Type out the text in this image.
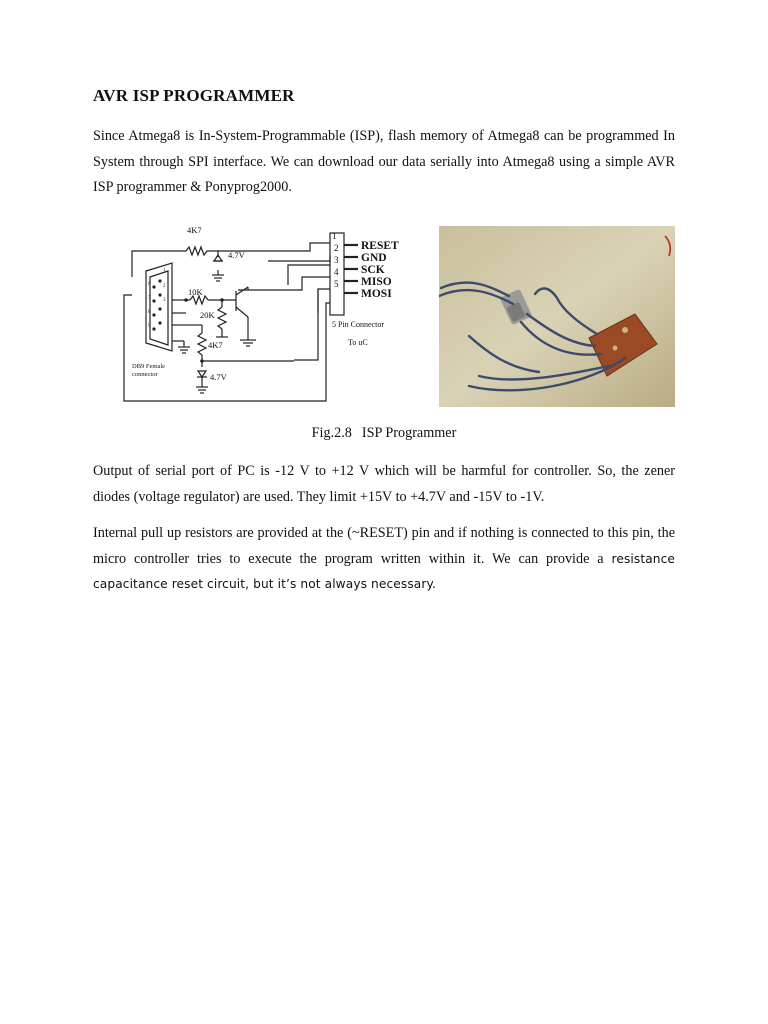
AVR ISP PROGRAMMER
Since Atmega8 is In-System-Programmable (ISP), flash memory of Atmega8 can be programmed In System through SPI interface. We can download our data serially into Atmega8 using a simple AVR ISP programmer & Ponyprog2000.
4K7
4.7V
10K
20K
4K7
4.7V
1
2
3
4
5
5 Pin Connector
To uC
RESET
GND
SCK
MISO
MOSI
1
2
3
6
7
8
9
DB9 Female
connector
Fig.2.8 ISP Programmer
Output of serial port of PC is -12 V to +12 V which will be harmful for controller. So, the zener diodes (voltage regulator) are used. They limit +15V to +4.7V and -15V to -1V.
Internal pull up resistors are provided at the (~RESET) pin and if nothing is connected to this pin, the micro controller tries to execute the program written within it. We can provide a resistance capacitance reset circuit, but it’s not always necessary.
